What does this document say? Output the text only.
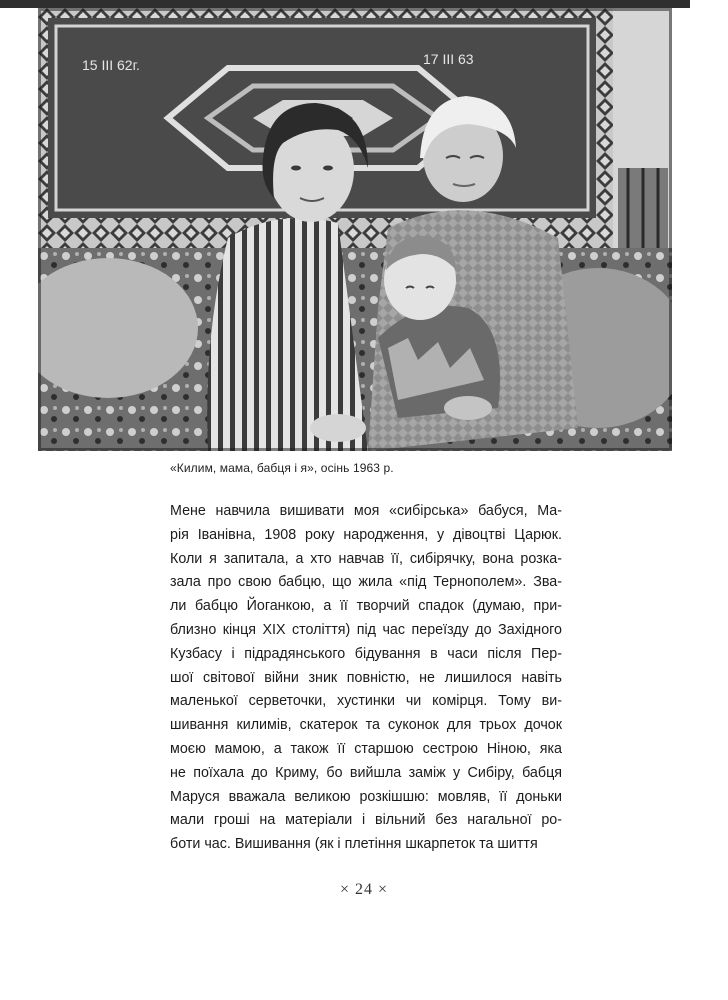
15 III 62г.	17 III 63
«Килим, мама, бабця і я», осінь 1963 р.
Мене навчила вишивати моя «сибірська» бабуся, Ма-
рія Іванівна, 1908 року народження, у дівоцтві Царюк.
Коли я запитала, а хто навчав її, сибірячку, вона розка-
зала про свою бабцю, що жила «під Тернополем». Зва-
ли бабцю Йоганкою, а її творчий спадок (думаю, при-
близно кінця XIX століття) під час переїзду до Західного
Кузбасу і підрадянського бідування в часи після Пер-
шої світової війни зник повністю, не лишилося навіть
маленької серветочки, хустинки чи комірця. Тому ви-
шивання килимів, скатерок та суконок для трьох дочок
моєю мамою, а також її старшою сестрою Ніною, яка
не поїхала до Криму, бо вийшла заміж у Сибіру, бабця
Маруся вважала великою розкішшю: мовляв, її доньки
мали гроші на матеріали і вільний без нагальної ро-
боти час. Вишивання (як і плетіння шкарпеток та шиття
× 24 ×
